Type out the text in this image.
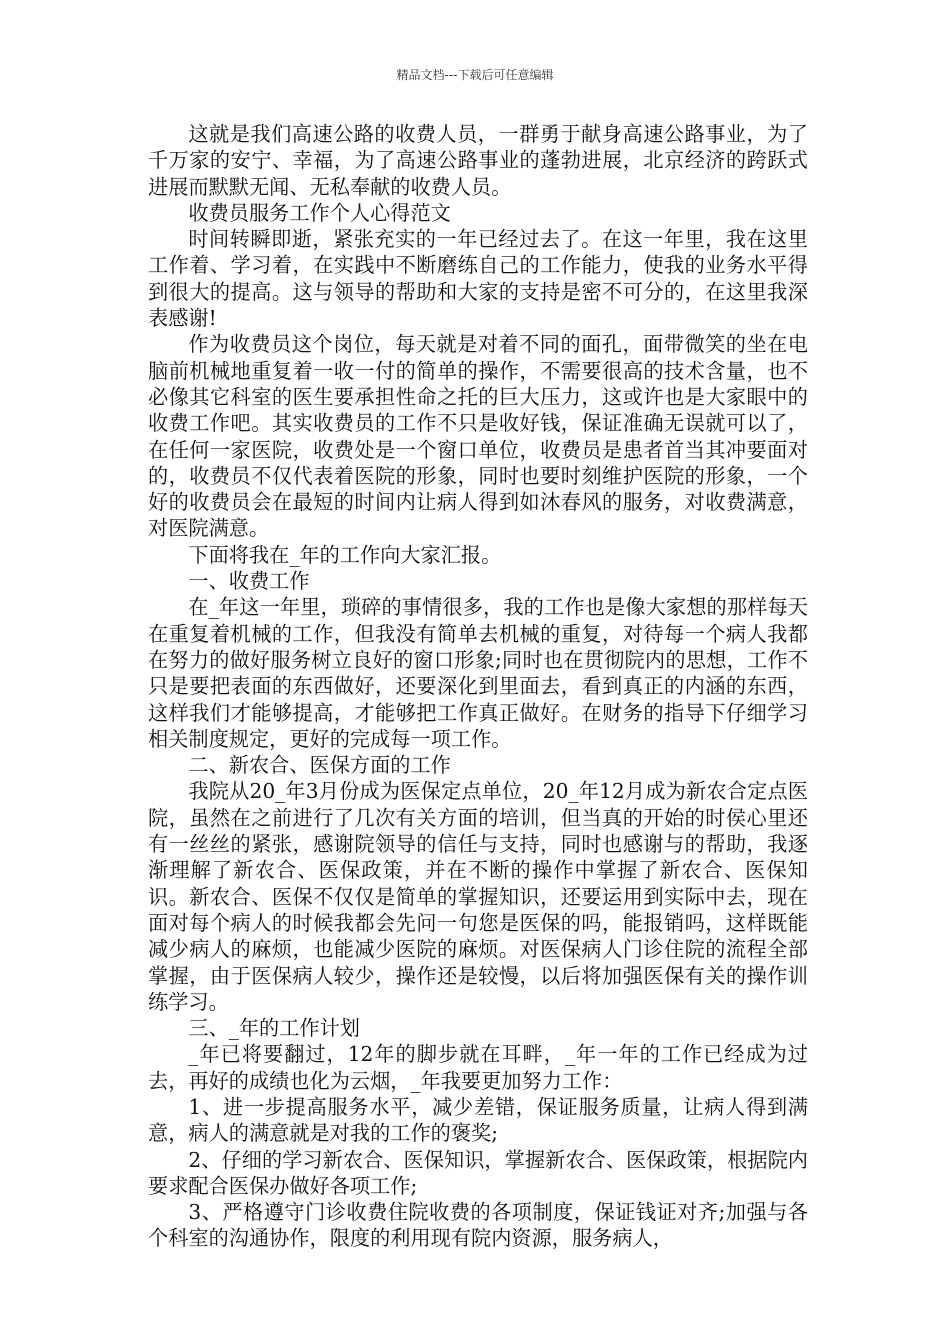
精品文档---下载后可任意编辑

这就是我们高速公路的收费人员，一群勇于献身高速公路事业，为了千万家的安宁、幸福，为了高速公路事业的蓬勃进展，北京经济的跨跃式进展而默默无闻、无私奉献的收费人员。

收费员服务工作个人心得范文

时间转瞬即逝，紧张充实的一年已经过去了。在这一年里，我在这里工作着、学习着，在实践中不断磨练自己的工作能力，使我的业务水平得到很大的提高。这与领导的帮助和大家的支持是密不可分的，在这里我深表感谢!

作为收费员这个岗位，每天就是对着不同的面孔，面带微笑的坐在电脑前机械地重复着一收一付的简单的操作，不需要很高的技术含量，也不必像其它科室的医生要承担性命之托的巨大压力，这或许也是大家眼中的收费工作吧。其实收费员的工作不只是收好钱，保证准确无误就可以了，在任何一家医院，收费处是一个窗口单位，收费员是患者首当其冲要面对的，收费员不仅代表着医院的形象，同时也要时刻维护医院的形象，一个好的收费员会在最短的时间内让病人得到如沐春风的服务，对收费满意，对医院满意。

下面将我在_年的工作向大家汇报。

一、收费工作

在_年这一年里，琐碎的事情很多，我的工作也是像大家想的那样每天在重复着机械的工作，但我没有简单去机械的重复，对待每一个病人我都在努力的做好服务树立良好的窗口形象;同时也在贯彻院内的思想，工作不只是要把表面的东西做好，还要深化到里面去，看到真正的内涵的东西，这样我们才能够提高，才能够把工作真正做好。在财务的指导下仔细学习相关制度规定，更好的完成每一项工作。

二、新农合、医保方面的工作

我院从20_年3月份成为医保定点单位，20_年12月成为新农合定点医院，虽然在之前进行了几次有关方面的培训，但当真的开始的时侯心里还有一丝丝的紧张，感谢院领导的信任与支持，同时也感谢与的帮助，我逐渐理解了新农合、医保政策，并在不断的操作中掌握了新农合、医保知识。新农合、医保不仅仅是简单的掌握知识，还要运用到实际中去，现在面对每个病人的时候我都会先问一句您是医保的吗，能报销吗，这样既能减少病人的麻烦，也能减少医院的麻烦。对医保病人门诊住院的流程全部掌握，由于医保病人较少，操作还是较慢，以后将加强医保有关的操作训练学习。

三、_年的工作计划

_年已将要翻过，12年的脚步就在耳畔，_年一年的工作已经成为过去，再好的成绩也化为云烟，_年我要更加努力工作：

1、进一步提高服务水平，减少差错，保证服务质量，让病人得到满意，病人的满意就是对我的工作的褒奖;

2、仔细的学习新农合、医保知识，掌握新农合、医保政策，根据院内要求配合医保办做好各项工作;

3、严格遵守门诊收费住院收费的各项制度，保证钱证对齐;加强与各个科室的沟通协作，限度的利用现有院内资源，服务病人，
